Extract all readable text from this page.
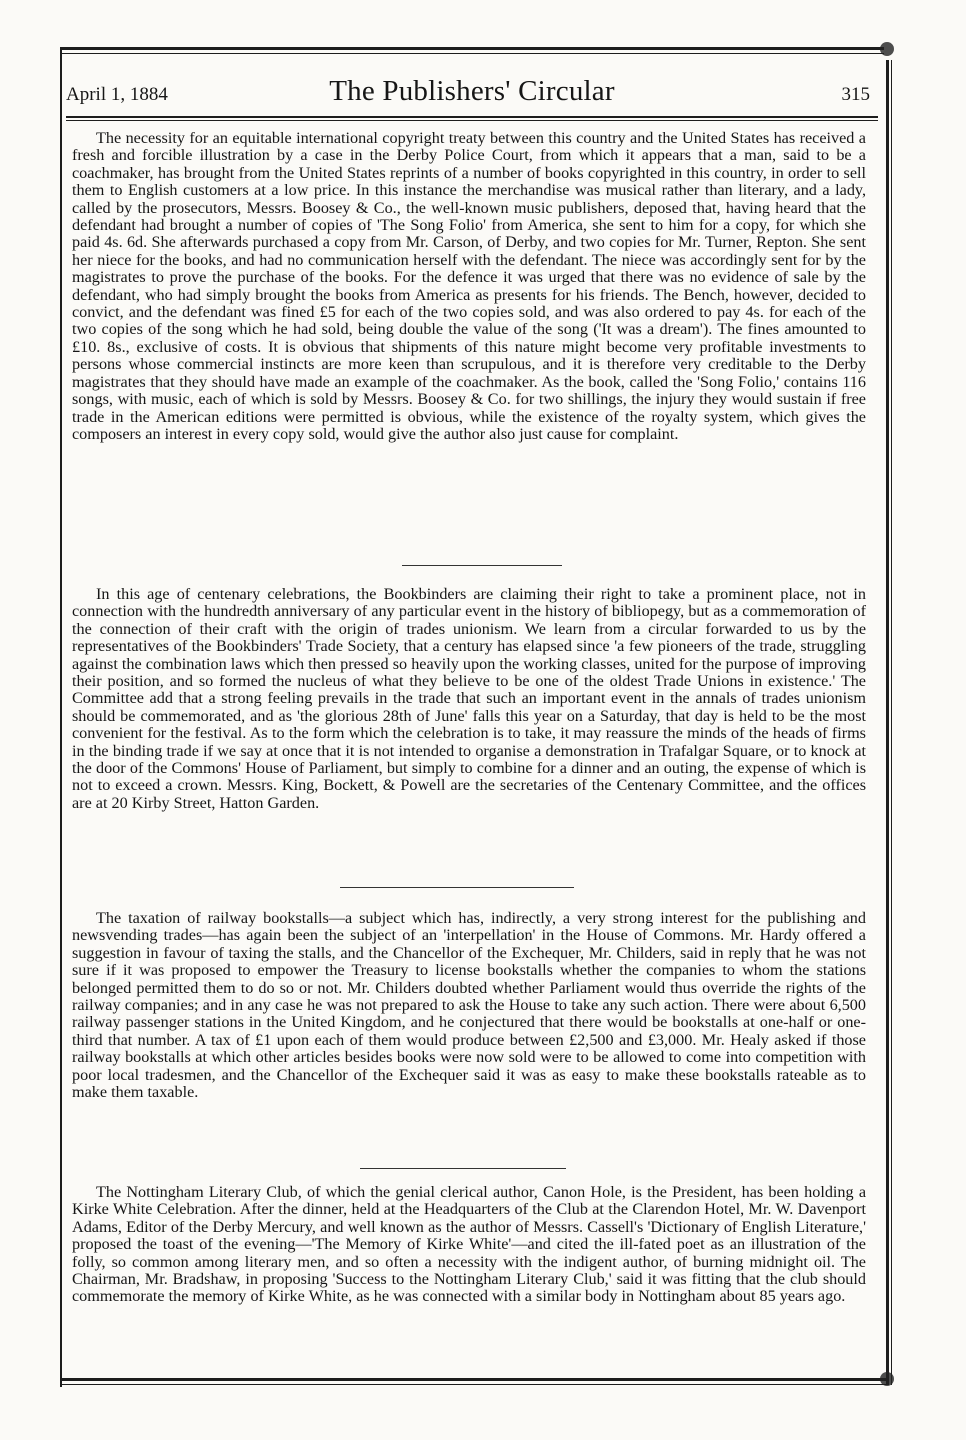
April 1, 1884	The Publishers' Circular	315

The necessity for an equitable international copyright treaty between this country and the United States has received a fresh and forcible illustration by a case in the Derby Police Court, from which it appears that a man, said to be a coachmaker, has brought from the United States reprints of a number of books copyrighted in this country, in order to sell them to English customers at a low price. In this instance the merchandise was musical rather than literary, and a lady, called by the prosecutors, Messrs. Boosey & Co., the well-known music publishers, deposed that, having heard that the defendant had brought a number of copies of 'The Song Folio' from America, she sent to him for a copy, for which she paid 4s. 6d. She afterwards purchased a copy from Mr. Carson, of Derby, and two copies for Mr. Turner, Repton. She sent her niece for the books, and had no communication herself with the defendant. The niece was accordingly sent for by the magistrates to prove the purchase of the books. For the defence it was urged that there was no evidence of sale by the defendant, who had simply brought the books from America as presents for his friends. The Bench, however, decided to convict, and the defendant was fined £5 for each of the two copies sold, and was also ordered to pay 4s. for each of the two copies of the song which he had sold, being double the value of the song ('It was a dream'). The fines amounted to £10. 8s., exclusive of costs. It is obvious that shipments of this nature might become very profitable investments to persons whose commercial instincts are more keen than scrupulous, and it is therefore very creditable to the Derby magistrates that they should have made an example of the coachmaker. As the book, called the 'Song Folio,' contains 116 songs, with music, each of which is sold by Messrs. Boosey & Co. for two shillings, the injury they would sustain if free trade in the American editions were permitted is obvious, while the existence of the royalty system, which gives the composers an interest in every copy sold, would give the author also just cause for complaint.

In this age of centenary celebrations, the Bookbinders are claiming their right to take a prominent place, not in connection with the hundredth anniversary of any particular event in the history of bibliopegy, but as a commemoration of the connection of their craft with the origin of trades unionism. We learn from a circular forwarded to us by the representatives of the Bookbinders' Trade Society, that a century has elapsed since 'a few pioneers of the trade, struggling against the combination laws which then pressed so heavily upon the working classes, united for the purpose of improving their position, and so formed the nucleus of what they believe to be one of the oldest Trade Unions in existence.' The Committee add that a strong feeling prevails in the trade that such an important event in the annals of trades unionism should be commemorated, and as 'the glorious 28th of June' falls this year on a Saturday, that day is held to be the most convenient for the festival. As to the form which the celebration is to take, it may reassure the minds of the heads of firms in the binding trade if we say at once that it is not intended to organise a demonstration in Trafalgar Square, or to knock at the door of the Commons' House of Parliament, but simply to combine for a dinner and an outing, the expense of which is not to exceed a crown. Messrs. King, Bockett, & Powell are the secretaries of the Centenary Committee, and the offices are at 20 Kirby Street, Hatton Garden.

The taxation of railway bookstalls—a subject which has, indirectly, a very strong interest for the publishing and newsvending trades—has again been the subject of an 'interpellation' in the House of Commons. Mr. Hardy offered a suggestion in favour of taxing the stalls, and the Chancellor of the Exchequer, Mr. Childers, said in reply that he was not sure if it was proposed to empower the Treasury to license bookstalls whether the companies to whom the stations belonged permitted them to do so or not. Mr. Childers doubted whether Parliament would thus override the rights of the railway companies; and in any case he was not prepared to ask the House to take any such action. There were about 6,500 railway passenger stations in the United Kingdom, and he conjectured that there would be bookstalls at one-half or one-third that number. A tax of £1 upon each of them would produce between £2,500 and £3,000. Mr. Healy asked if those railway bookstalls at which other articles besides books were now sold were to be allowed to come into competition with poor local tradesmen, and the Chancellor of the Exchequer said it was as easy to make these bookstalls rateable as to make them taxable.

The Nottingham Literary Club, of which the genial clerical author, Canon Hole, is the President, has been holding a Kirke White Celebration. After the dinner, held at the Headquarters of the Club at the Clarendon Hotel, Mr. W. Davenport Adams, Editor of the Derby Mercury, and well known as the author of Messrs. Cassell's 'Dictionary of English Literature,' proposed the toast of the evening—'The Memory of Kirke White'—and cited the ill-fated poet as an illustration of the folly, so common among literary men, and so often a necessity with the indigent author, of burning midnight oil. The Chairman, Mr. Bradshaw, in proposing 'Success to the Nottingham Literary Club,' said it was fitting that the club should commemorate the memory of Kirke White, as he was connected with a similar body in Nottingham about 85 years ago.
